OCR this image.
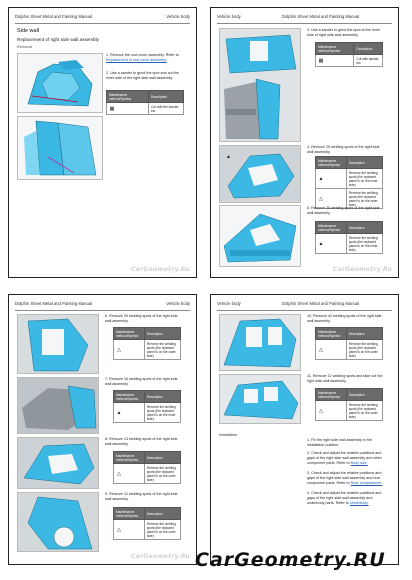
Dolphin Sheet Metal and Painting Manual	Vehicle body
Side wall
Replacement of right side wall assembly
Removal
1. Remove the roof cover assembly. Refer to Replacement of roof cover assembly.
2. Use a sander to grind the spot and cut the inner side of the right side wall assembly.
Maintenance method/Symbol	Description
▦	Cut with the sander, etc.
CarGeometry.Ru
Vehicle body	Dolphin Sheet Metal and Painting Manual
3. Use a sander to grind the spot at the inner side of right side wall assembly.
Maintenance method/Symbol	Description
▦	Cut with sander, etc.
4. Remove 20 welding spots of the right side wall assembly.
▲
Maintenance method/Symbol	Description
▲	Remove the welding spots (the replaced panel is on the inner side)
△	Remove the welding spots (the replaced panel is on the outer side)
5. Remove 30 welding spots of the right side wall assembly.
Maintenance method/Symbol	Description
▲	Remove the welding spots (the replaced panel is on the inner side)
CarGeometry.Ru
Dolphin Sheet Metal and Painting Manual	Vehicle body
6. Remove 25 welding spots of the right side wall assembly.
Maintenance method/Symbol	Description
△	Remove the welding spots (the replaced panel is on the outer side)
7. Remove 16 welding spots of the right side wall assembly.
Maintenance method/Symbol	Description
▲	Remove the welding spots (the replaced panel is on the inner side)
8. Remove 13 welding spots of the right side wall assembly.
Maintenance method/Symbol	Description
△	Remove the welding spots (the replaced panel is on the outer side)
9. Remove 12 welding spots of the right side wall assembly.
Maintenance method/Symbol	Description
△	Remove the welding spots (the replaced panel is on the outer side)
CarGeometry.Ru
Vehicle body	Dolphin Sheet Metal and Painting Manual
10. Remove 42 welding spots of the right side wall assembly.
Maintenance method/Symbol	Description
△	Remove the welding spots (the replaced panel is on the outer side)
11. Remove 12 welding spots and take out the right side wall assembly.
Maintenance method/Symbol	Description
△	Remove the welding spots (the replaced panel is on the outer side)
Installation
1. Fix the right side wall assembly in the installation position.
2. Check and adjust the relative positions and gaps of the right side wall assembly and other component parts. Refer to Body size.
3. Check and adjust the relative positions and gaps of the right side wall assembly and rear component parts. Refer to Rear compartment.
4. Check and adjust the relative positions and gaps of the right side wall assembly and underbody parts. Refer to Underbody.
CarGeometry.RU
